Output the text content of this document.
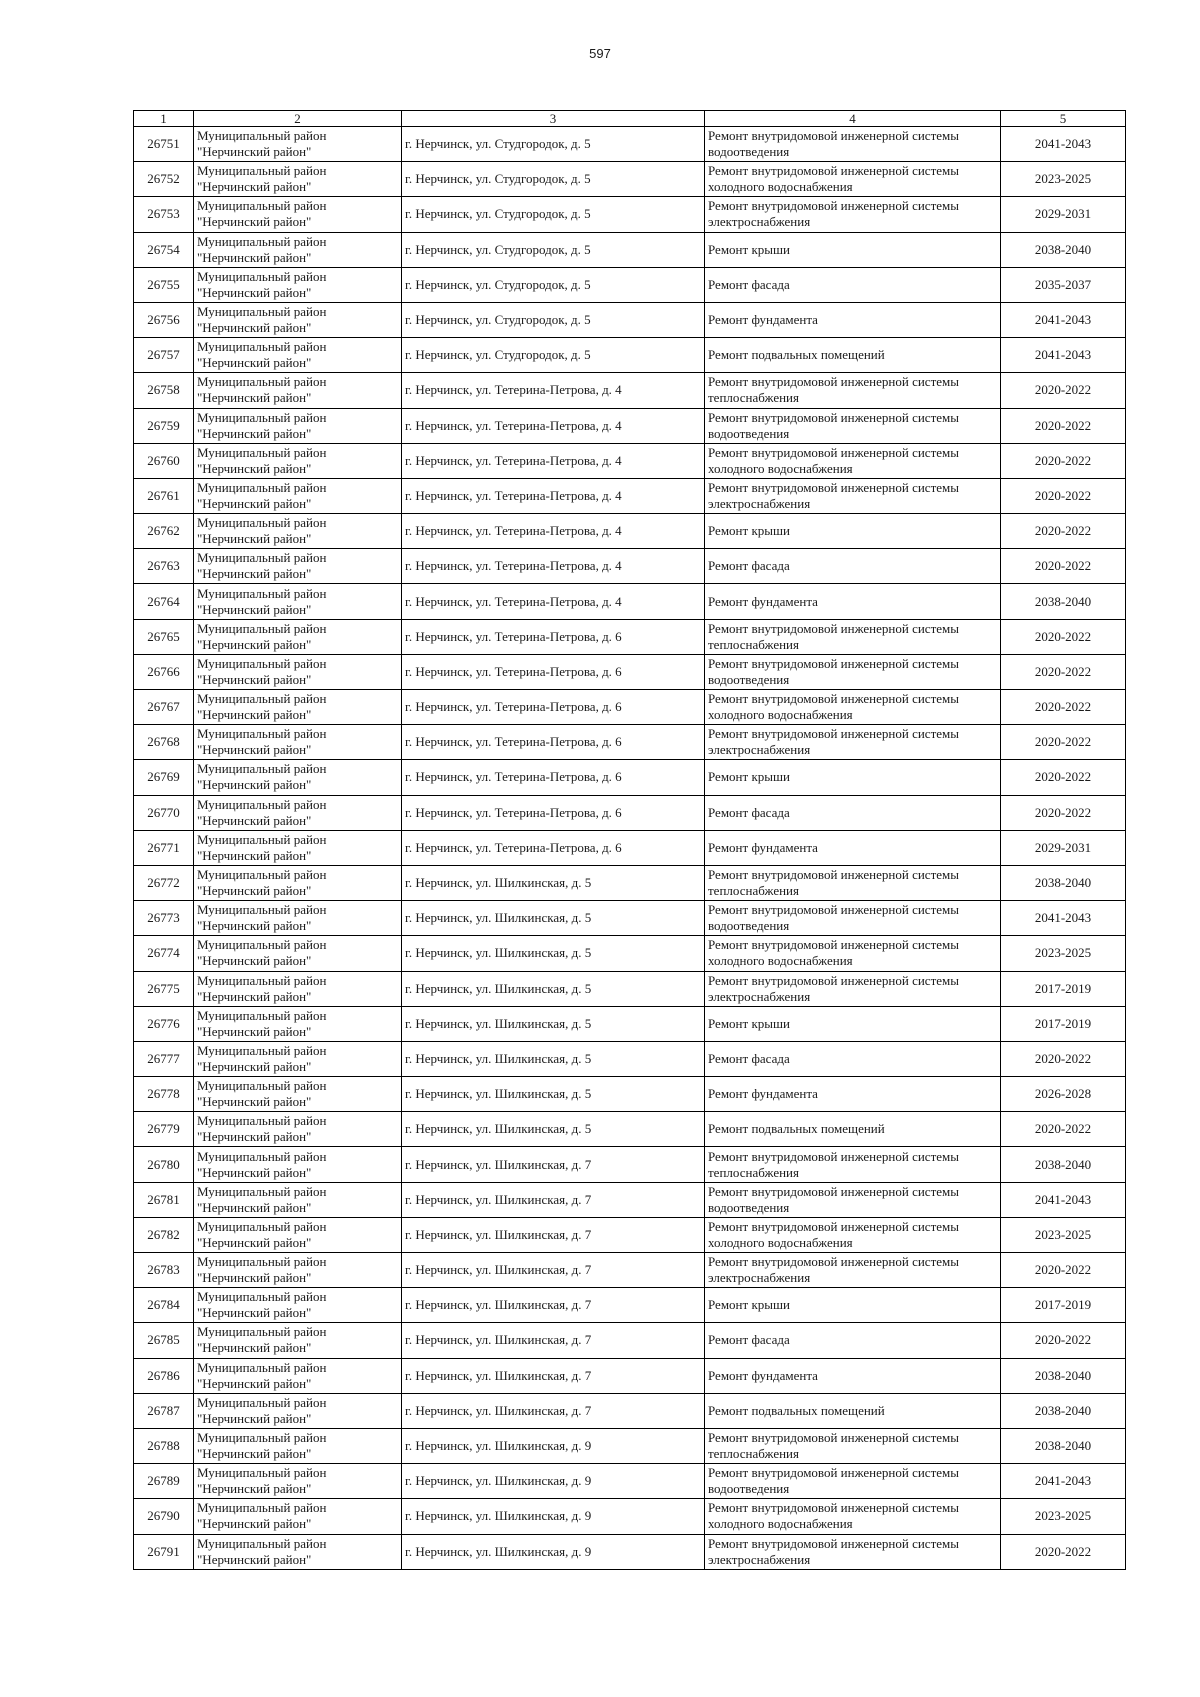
597
1	2	3	4	5
26751	Муниципальный район "Нерчинский район"	г. Нерчинск, ул. Студгородок, д. 5	Ремонт внутридомовой инженерной системы водоотведения	2041-2043
26752	Муниципальный район "Нерчинский район"	г. Нерчинск, ул. Студгородок, д. 5	Ремонт внутридомовой инженерной системы холодного водоснабжения	2023-2025
26753	Муниципальный район "Нерчинский район"	г. Нерчинск, ул. Студгородок, д. 5	Ремонт внутридомовой инженерной системы электроснабжения	2029-2031
26754	Муниципальный район "Нерчинский район"	г. Нерчинск, ул. Студгородок, д. 5	Ремонт крыши	2038-2040
26755	Муниципальный район "Нерчинский район"	г. Нерчинск, ул. Студгородок, д. 5	Ремонт фасада	2035-2037
26756	Муниципальный район "Нерчинский район"	г. Нерчинск, ул. Студгородок, д. 5	Ремонт фундамента	2041-2043
26757	Муниципальный район "Нерчинский район"	г. Нерчинск, ул. Студгородок, д. 5	Ремонт подвальных помещений	2041-2043
26758	Муниципальный район "Нерчинский район"	г. Нерчинск, ул. Тетерина-Петрова, д. 4	Ремонт внутридомовой инженерной системы теплоснабжения	2020-2022
26759	Муниципальный район "Нерчинский район"	г. Нерчинск, ул. Тетерина-Петрова, д. 4	Ремонт внутридомовой инженерной системы водоотведения	2020-2022
26760	Муниципальный район "Нерчинский район"	г. Нерчинск, ул. Тетерина-Петрова, д. 4	Ремонт внутридомовой инженерной системы холодного водоснабжения	2020-2022
26761	Муниципальный район "Нерчинский район"	г. Нерчинск, ул. Тетерина-Петрова, д. 4	Ремонт внутридомовой инженерной системы электроснабжения	2020-2022
26762	Муниципальный район "Нерчинский район"	г. Нерчинск, ул. Тетерина-Петрова, д. 4	Ремонт крыши	2020-2022
26763	Муниципальный район "Нерчинский район"	г. Нерчинск, ул. Тетерина-Петрова, д. 4	Ремонт фасада	2020-2022
26764	Муниципальный район "Нерчинский район"	г. Нерчинск, ул. Тетерина-Петрова, д. 4	Ремонт фундамента	2038-2040
26765	Муниципальный район "Нерчинский район"	г. Нерчинск, ул. Тетерина-Петрова, д. 6	Ремонт внутридомовой инженерной системы теплоснабжения	2020-2022
26766	Муниципальный район "Нерчинский район"	г. Нерчинск, ул. Тетерина-Петрова, д. 6	Ремонт внутридомовой инженерной системы водоотведения	2020-2022
26767	Муниципальный район "Нерчинский район"	г. Нерчинск, ул. Тетерина-Петрова, д. 6	Ремонт внутридомовой инженерной системы холодного водоснабжения	2020-2022
26768	Муниципальный район "Нерчинский район"	г. Нерчинск, ул. Тетерина-Петрова, д. 6	Ремонт внутридомовой инженерной системы электроснабжения	2020-2022
26769	Муниципальный район "Нерчинский район"	г. Нерчинск, ул. Тетерина-Петрова, д. 6	Ремонт крыши	2020-2022
26770	Муниципальный район "Нерчинский район"	г. Нерчинск, ул. Тетерина-Петрова, д. 6	Ремонт фасада	2020-2022
26771	Муниципальный район "Нерчинский район"	г. Нерчинск, ул. Тетерина-Петрова, д. 6	Ремонт фундамента	2029-2031
26772	Муниципальный район "Нерчинский район"	г. Нерчинск, ул. Шилкинская, д. 5	Ремонт внутридомовой инженерной системы теплоснабжения	2038-2040
26773	Муниципальный район "Нерчинский район"	г. Нерчинск, ул. Шилкинская, д. 5	Ремонт внутридомовой инженерной системы водоотведения	2041-2043
26774	Муниципальный район "Нерчинский район"	г. Нерчинск, ул. Шилкинская, д. 5	Ремонт внутридомовой инженерной системы холодного водоснабжения	2023-2025
26775	Муниципальный район "Нерчинский район"	г. Нерчинск, ул. Шилкинская, д. 5	Ремонт внутридомовой инженерной системы электроснабжения	2017-2019
26776	Муниципальный район "Нерчинский район"	г. Нерчинск, ул. Шилкинская, д. 5	Ремонт крыши	2017-2019
26777	Муниципальный район "Нерчинский район"	г. Нерчинск, ул. Шилкинская, д. 5	Ремонт фасада	2020-2022
26778	Муниципальный район "Нерчинский район"	г. Нерчинск, ул. Шилкинская, д. 5	Ремонт фундамента	2026-2028
26779	Муниципальный район "Нерчинский район"	г. Нерчинск, ул. Шилкинская, д. 5	Ремонт подвальных помещений	2020-2022
26780	Муниципальный район "Нерчинский район"	г. Нерчинск, ул. Шилкинская, д. 7	Ремонт внутридомовой инженерной системы теплоснабжения	2038-2040
26781	Муниципальный район "Нерчинский район"	г. Нерчинск, ул. Шилкинская, д. 7	Ремонт внутридомовой инженерной системы водоотведения	2041-2043
26782	Муниципальный район "Нерчинский район"	г. Нерчинск, ул. Шилкинская, д. 7	Ремонт внутридомовой инженерной системы холодного водоснабжения	2023-2025
26783	Муниципальный район "Нерчинский район"	г. Нерчинск, ул. Шилкинская, д. 7	Ремонт внутридомовой инженерной системы электроснабжения	2020-2022
26784	Муниципальный район "Нерчинский район"	г. Нерчинск, ул. Шилкинская, д. 7	Ремонт крыши	2017-2019
26785	Муниципальный район "Нерчинский район"	г. Нерчинск, ул. Шилкинская, д. 7	Ремонт фасада	2020-2022
26786	Муниципальный район "Нерчинский район"	г. Нерчинск, ул. Шилкинская, д. 7	Ремонт фундамента	2038-2040
26787	Муниципальный район "Нерчинский район"	г. Нерчинск, ул. Шилкинская, д. 7	Ремонт подвальных помещений	2038-2040
26788	Муниципальный район "Нерчинский район"	г. Нерчинск, ул. Шилкинская, д. 9	Ремонт внутридомовой инженерной системы теплоснабжения	2038-2040
26789	Муниципальный район "Нерчинский район"	г. Нерчинск, ул. Шилкинская, д. 9	Ремонт внутридомовой инженерной системы водоотведения	2041-2043
26790	Муниципальный район "Нерчинский район"	г. Нерчинск, ул. Шилкинская, д. 9	Ремонт внутридомовой инженерной системы холодного водоснабжения	2023-2025
26791	Муниципальный район "Нерчинский район"	г. Нерчинск, ул. Шилкинская, д. 9	Ремонт внутридомовой инженерной системы электроснабжения	2020-2022
